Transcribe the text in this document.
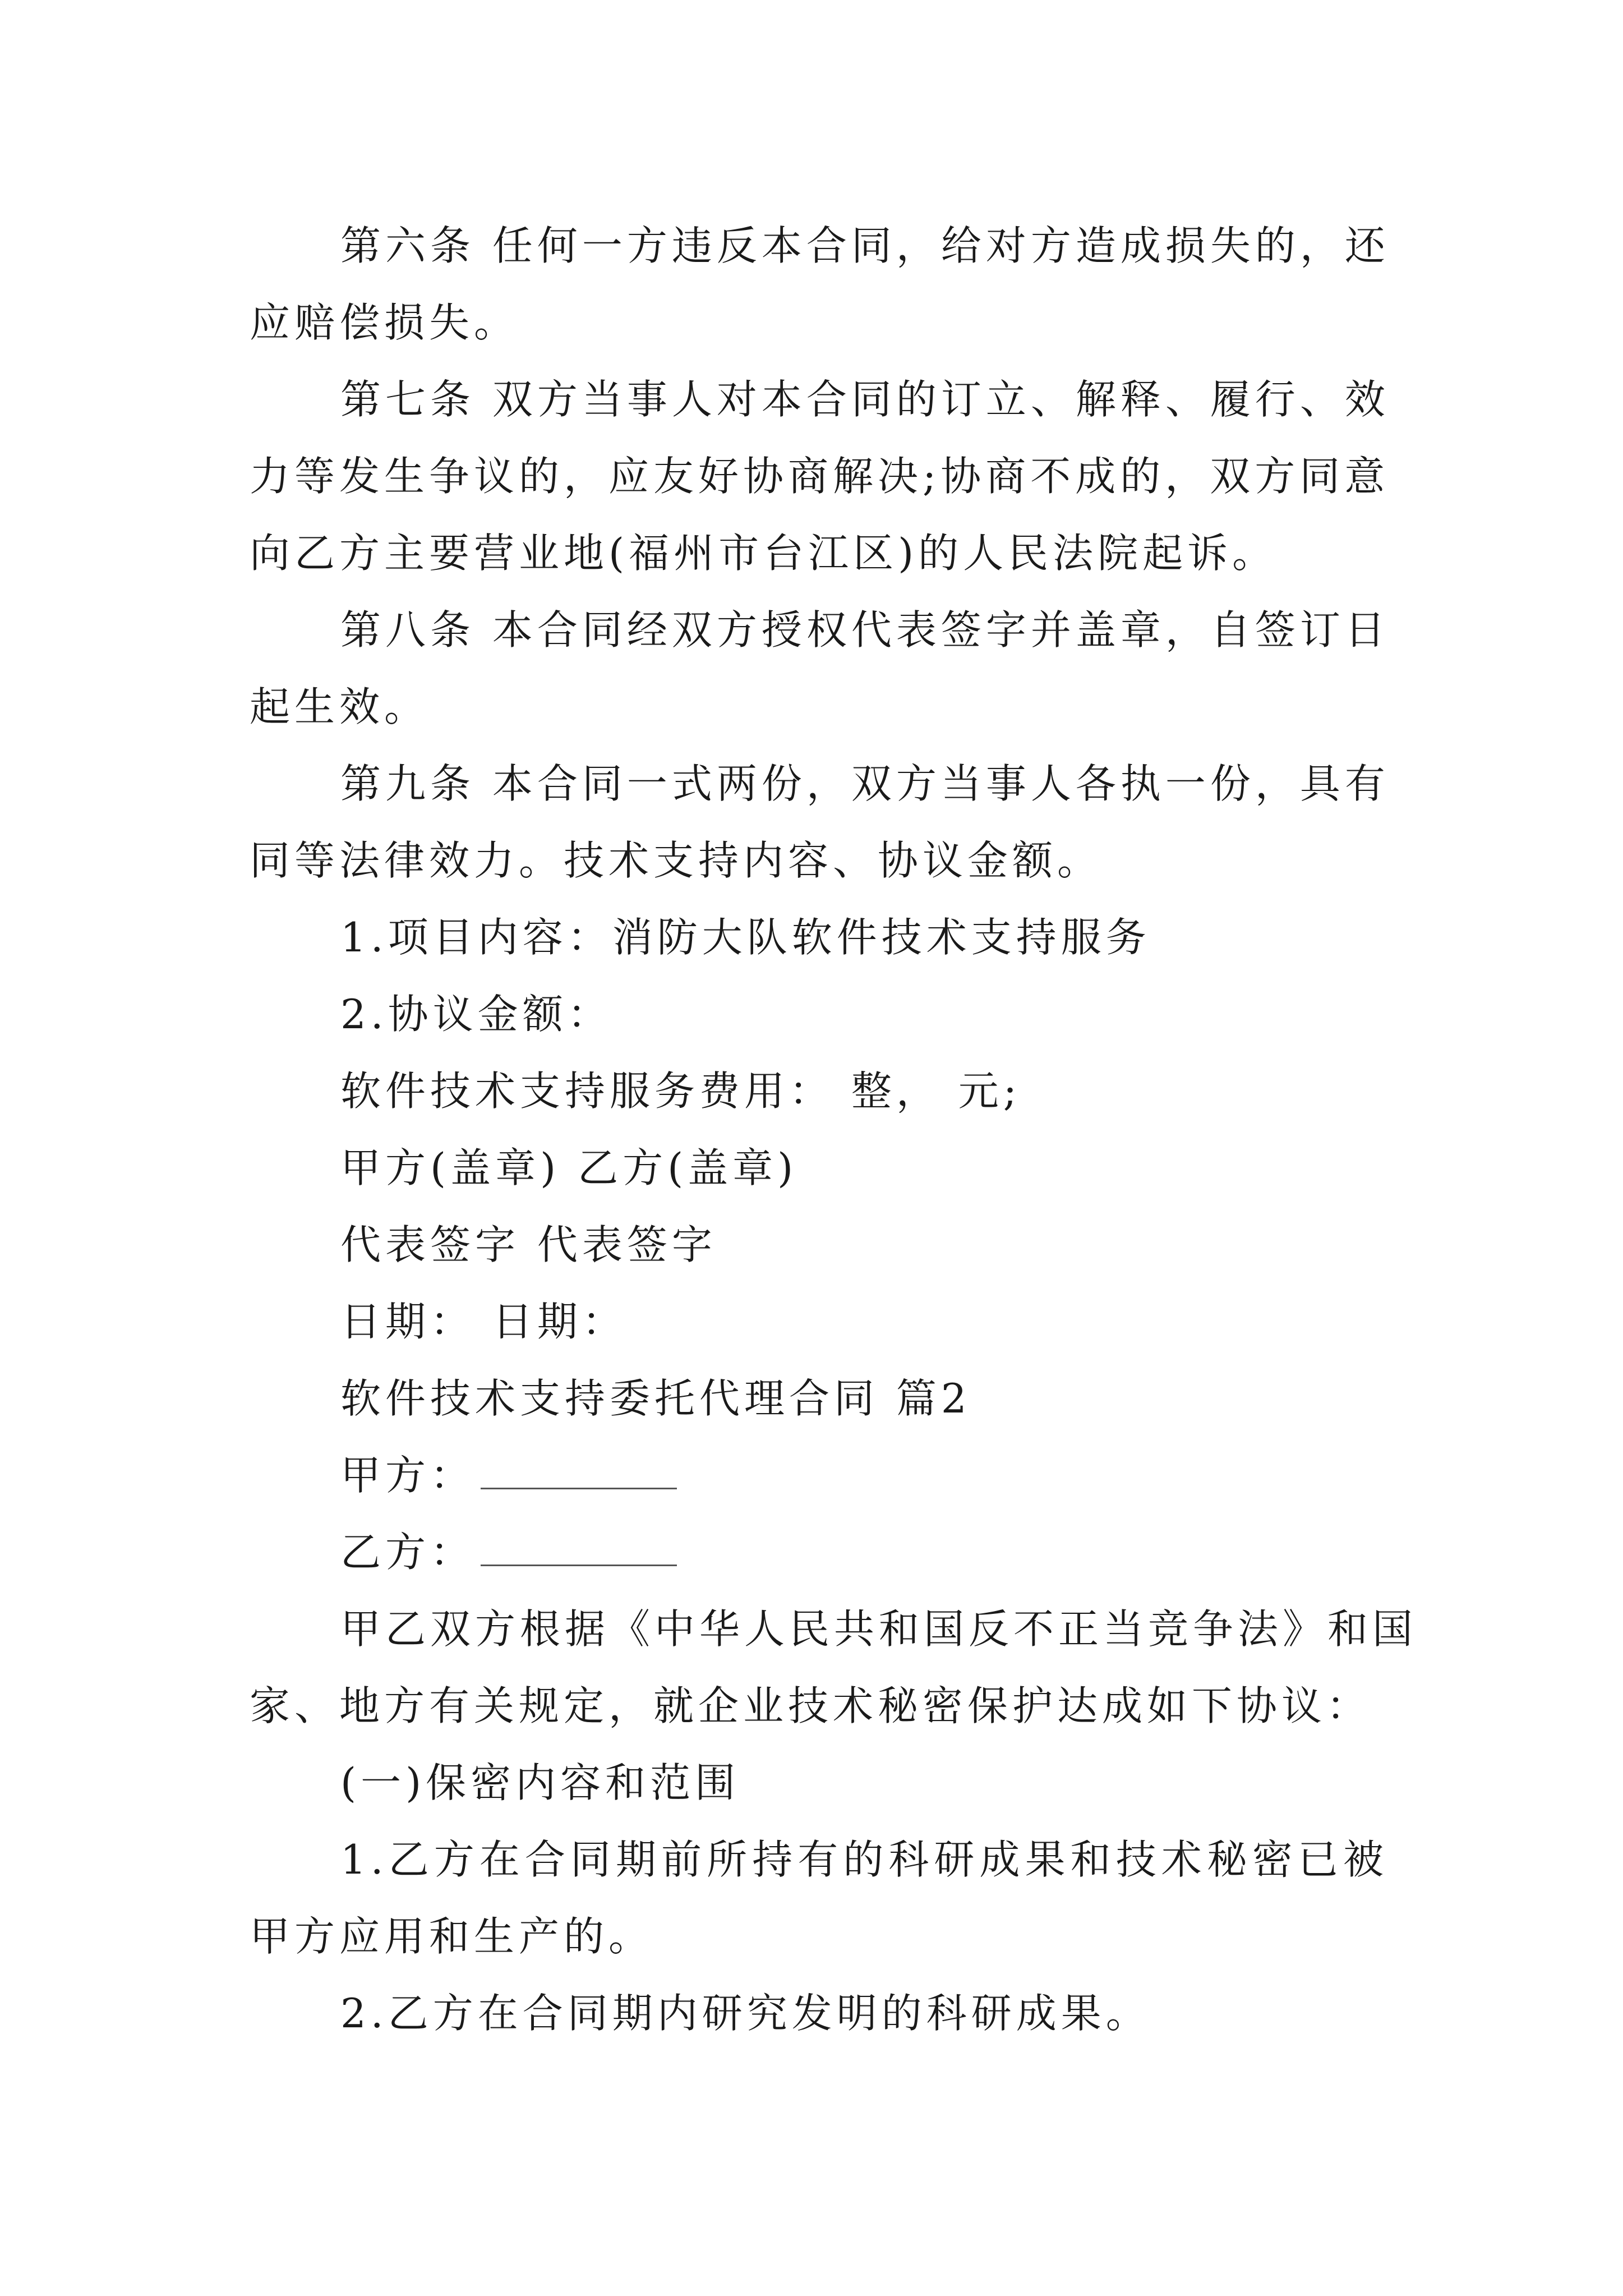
第六条 任何一方违反本合同，给对方造成损失的，还
应赔偿损失。
第七条 双方当事人对本合同的订立、解释、履行、效
力等发生争议的，应友好协商解决;协商不成的，双方同意
向乙方主要营业地(福州市台江区)的人民法院起诉。
第八条 本合同经双方授权代表签字并盖章，自签订日
起生效。
第九条 本合同一式两份，双方当事人各执一份，具有
同等法律效力。技术支持内容、协议金额。
1.项目内容：消防大队软件技术支持服务
2.协议金额：
软件技术支持服务费用： 整， 元;
甲方(盖章) 乙方(盖章)
代表签字 代表签字
日期： 日期：
软件技术支持委托代理合同 篇2
甲方：
乙方：
甲乙双方根据《中华人民共和国反不正当竞争法》和国
家、地方有关规定，就企业技术秘密保护达成如下协议：
(一)保密内容和范围
1.乙方在合同期前所持有的科研成果和技术秘密已被
甲方应用和生产的。
2.乙方在合同期内研究发明的科研成果。
